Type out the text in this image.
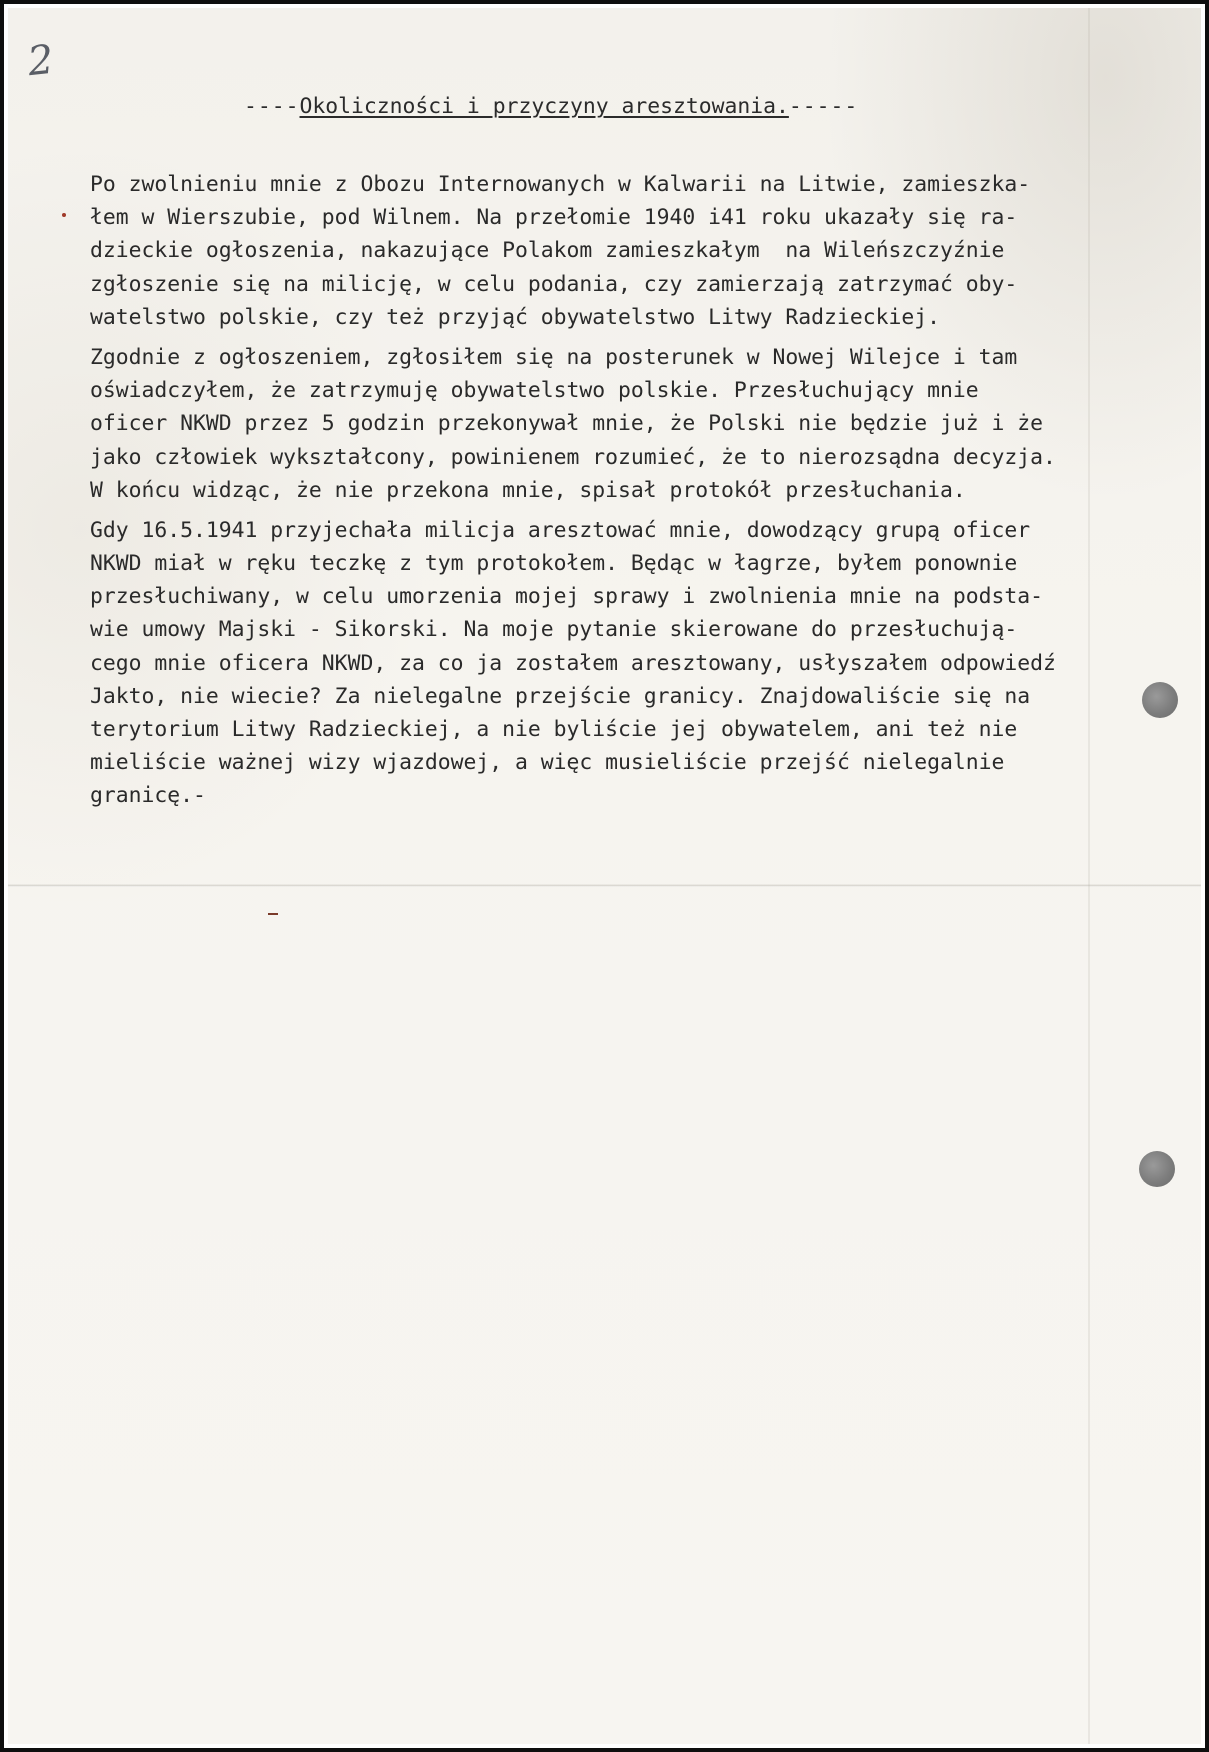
2
----Okoliczności i przyczyny aresztowania.-----
Po zwolnieniu mnie z Obozu Internowanych w Kalwarii na Litwie, zamieszka-
łem w Wierszubie, pod Wilnem. Na przełomie 1940 i41 roku ukazały się ra-
dzieckie ogłoszenia, nakazujące Polakom zamieszkałym  na Wileńszczyźnie
zgłoszenie się na milicję, w celu podania, czy zamierzają zatrzymać oby-
watelstwo polskie, czy też przyjąć obywatelstwo Litwy Radzieckiej.
Zgodnie z ogłoszeniem, zgłosiłem się na posterunek w Nowej Wilejce i tam
oświadczyłem, że zatrzymuję obywatelstwo polskie. Przesłuchujący mnie
oficer NKWD przez 5 godzin przekonywał mnie, że Polski nie będzie już i że
jako człowiek wykształcony, powinienem rozumieć, że to nierozsądna decyzja.
W końcu widząc, że nie przekona mnie, spisał protokół przesłuchania.
Gdy 16.5.1941 przyjechała milicja aresztować mnie, dowodzący grupą oficer
NKWD miał w ręku teczkę z tym protokołem. Będąc w łagrze, byłem ponownie
przesłuchiwany, w celu umorzenia mojej sprawy i zwolnienia mnie na podsta-
wie umowy Majski - Sikorski. Na moje pytanie skierowane do przesłuchują-
cego mnie oficera NKWD, za co ja zostałem aresztowany, usłyszałem odpowiedź
Jakto, nie wiecie? Za nielegalne przejście granicy. Znajdowaliście się na
terytorium Litwy Radzieckiej, a nie byliście jej obywatelem, ani też nie
mieliście ważnej wizy wjazdowej, a więc musieliście przejść nielegalnie
granicę.-
